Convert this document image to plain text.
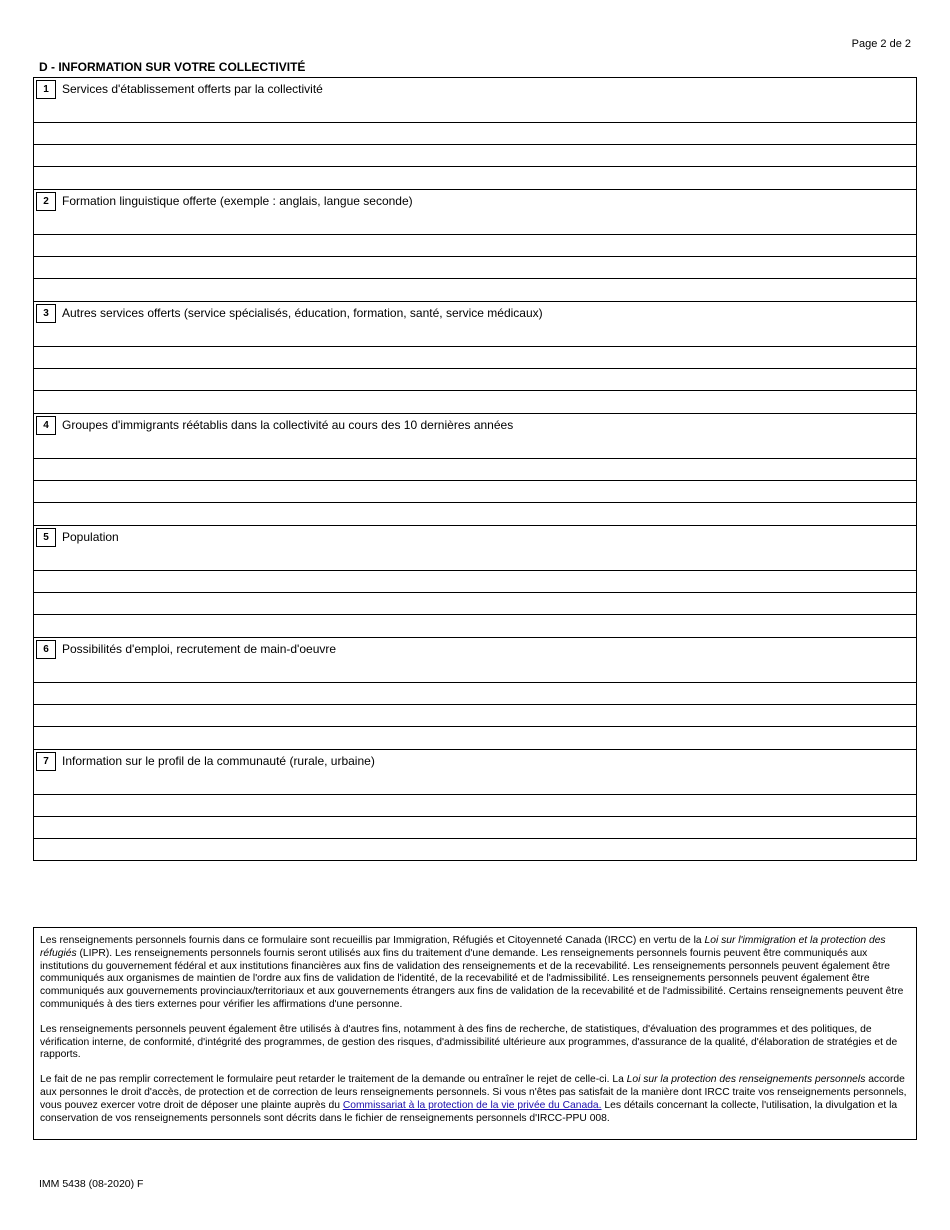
Page 2 de 2
D - INFORMATION SUR VOTRE COLLECTIVITÉ
1	Services d'établissement offerts par la collectivité
2	Formation linguistique offerte (exemple : anglais, langue seconde)
3	Autres services offerts (service spécialisés, éducation, formation, santé, service médicaux)
4	Groupes d'immigrants réétablis dans la collectivité au cours des 10 dernières années
5	Population
6	Possibilités d'emploi, recrutement de main-d'oeuvre
7	Information sur le profil de la communauté (rurale, urbaine)

Les renseignements personnels fournis dans ce formulaire sont recueillis par Immigration, Réfugiés et Citoyenneté Canada (IRCC) en vertu de la Loi sur l'immigration et la protection des réfugiés (LIPR). Les renseignements personnels fournis seront utilisés aux fins du traitement d'une demande. Les renseignements personnels fournis peuvent être communiqués aux institutions du gouvernement fédéral et aux institutions financières aux fins de validation des renseignements et de la recevabilité. Les renseignements personnels peuvent également être communiqués aux organismes de maintien de l'ordre aux fins de validation de l'identité, de la recevabilité et de l'admissibilité. Les renseignements personnels peuvent également être communiqués aux gouvernements provinciaux/territoriaux et aux gouvernements étrangers aux fins de validation de la recevabilité et de l'admissibilité. Certains renseignements peuvent être communiqués à des tiers externes pour vérifier les affirmations d'une personne.

Les renseignements personnels peuvent également être utilisés à d'autres fins, notamment à des fins de recherche, de statistiques, d'évaluation des programmes et des politiques, de vérification interne, de conformité, d'intégrité des programmes, de gestion des risques, d'admissibilité ultérieure aux programmes, d'assurance de la qualité, d'élaboration de stratégies et de rapports.

Le fait de ne pas remplir correctement le formulaire peut retarder le traitement de la demande ou entraîner le rejet de celle-ci. La Loi sur la protection des renseignements personnels accorde aux personnes le droit d'accès, de protection et de correction de leurs renseignements personnels. Si vous n'êtes pas satisfait de la manière dont IRCC traite vos renseignements personnels, vous pouvez exercer votre droit de déposer une plainte auprès du Commissariat à la protection de la vie privée du Canada. Les détails concernant la collecte, l'utilisation, la divulgation et la conservation de vos renseignements personnels sont décrits dans le fichier de renseignements personnels d'IRCC-PPU 008.

IMM 5438 (08-2020) F
